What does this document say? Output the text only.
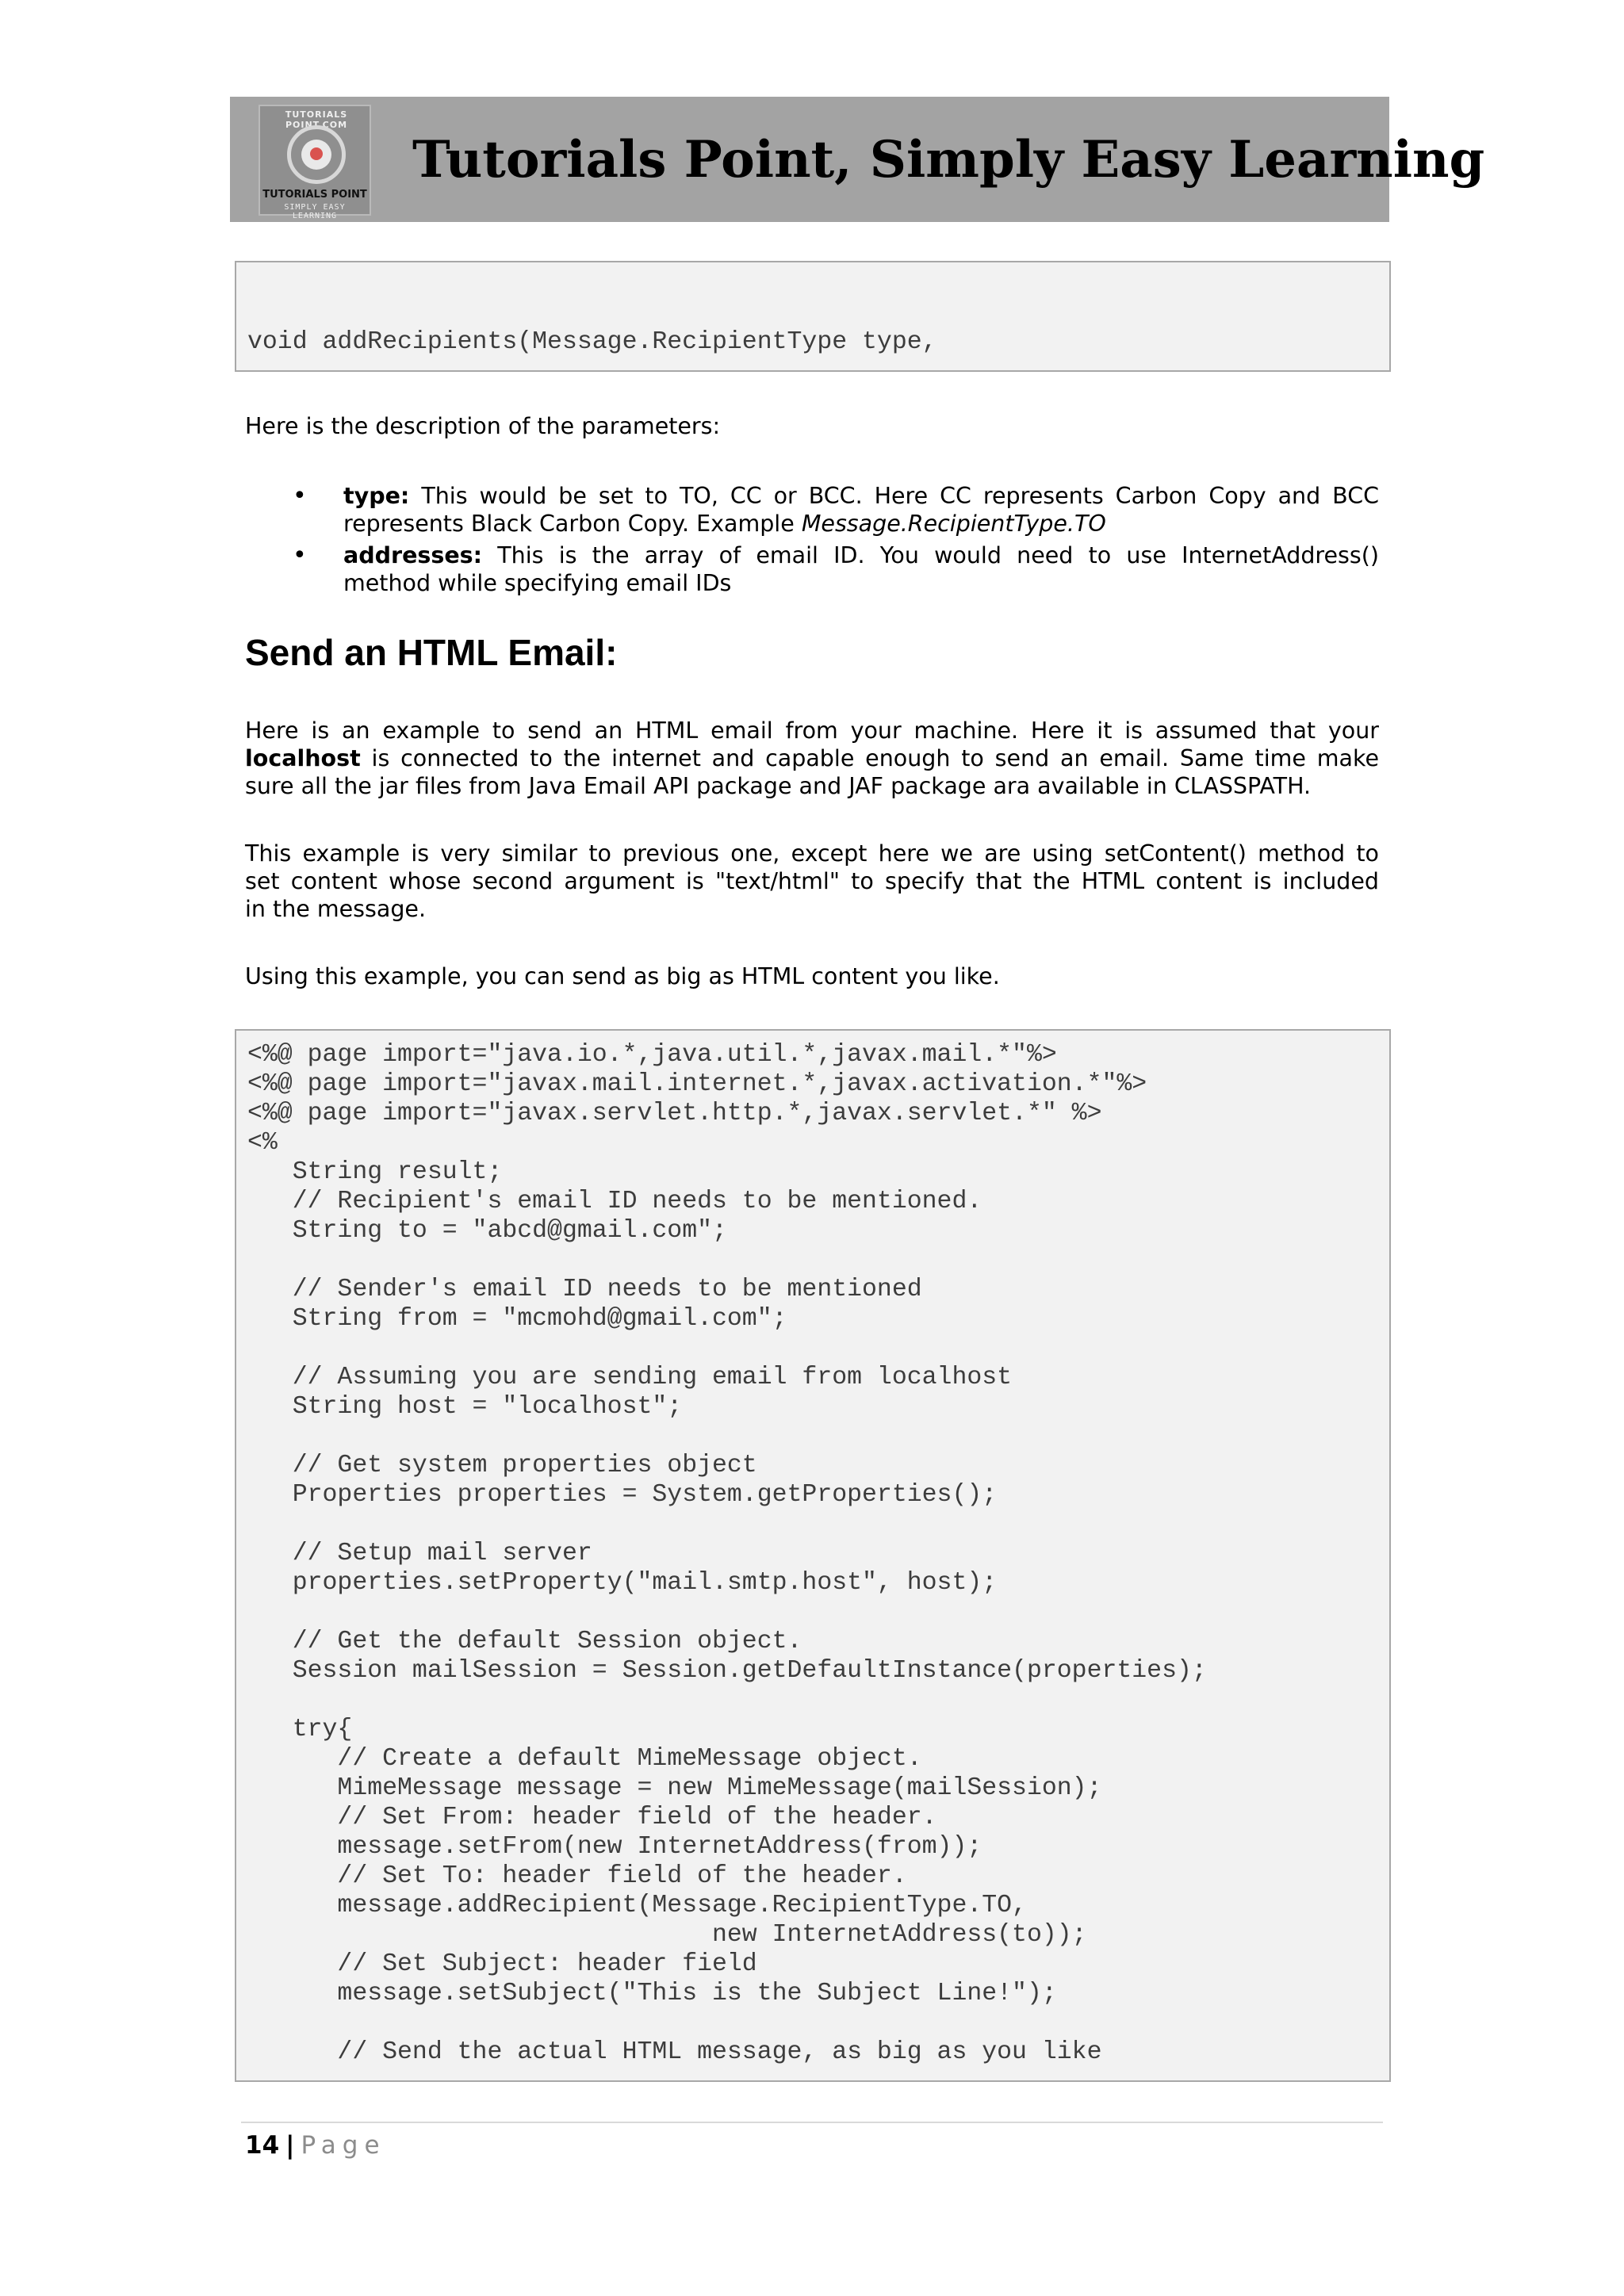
TUTORIALS POINT.COM
TUTORIALS POINT
SIMPLY EASY LEARNING
Tutorials Point, Simply Easy Learning

void addRecipients(Message.RecipientType type,

Here is the description of the parameters:

• type: This would be set to TO, CC or BCC. Here CC represents Carbon Copy and BCC
represents Black Carbon Copy. Example Message.RecipientType.TO
• addresses: This is the array of email ID. You would need to use InternetAddress()
method while specifying email IDs
Send an HTML Email:

Here is an example to send an HTML email from your machine. Here it is assumed that your
localhost is connected to the internet and capable enough to send an email. Same time make
sure all the jar files from Java Email API package and JAF package ara available in CLASSPATH.

This example is very similar to previous one, except here we are using setContent() method to
set content whose second argument is "text/html" to specify that the HTML content is included
in the message.

Using this example, you can send as big as HTML content you like.

<%@ page import="java.io.*,java.util.*,javax.mail.*"%>
<%@ page import="javax.mail.internet.*,javax.activation.*"%>
<%@ page import="javax.servlet.http.*,javax.servlet.*" %>
<%
String result;
// Recipient's email ID needs to be mentioned.
String to = "abcd@gmail.com";
// Sender's email ID needs to be mentioned
String from = "mcmohd@gmail.com";
// Assuming you are sending email from localhost
String host = "localhost";
// Get system properties object
Properties properties = System.getProperties();
// Setup mail server
properties.setProperty("mail.smtp.host", host);
// Get the default Session object.
Session mailSession = Session.getDefaultInstance(properties);
try{
// Create a default MimeMessage object.
MimeMessage message = new MimeMessage(mailSession);
// Set From: header field of the header.
message.setFrom(new InternetAddress(from));
// Set To: header field of the header.
message.addRecipient(Message.RecipientType.TO,
new InternetAddress(to));
// Set Subject: header field
message.setSubject("This is the Subject Line!");
// Send the actual HTML message, as big as you like
14 | Page
